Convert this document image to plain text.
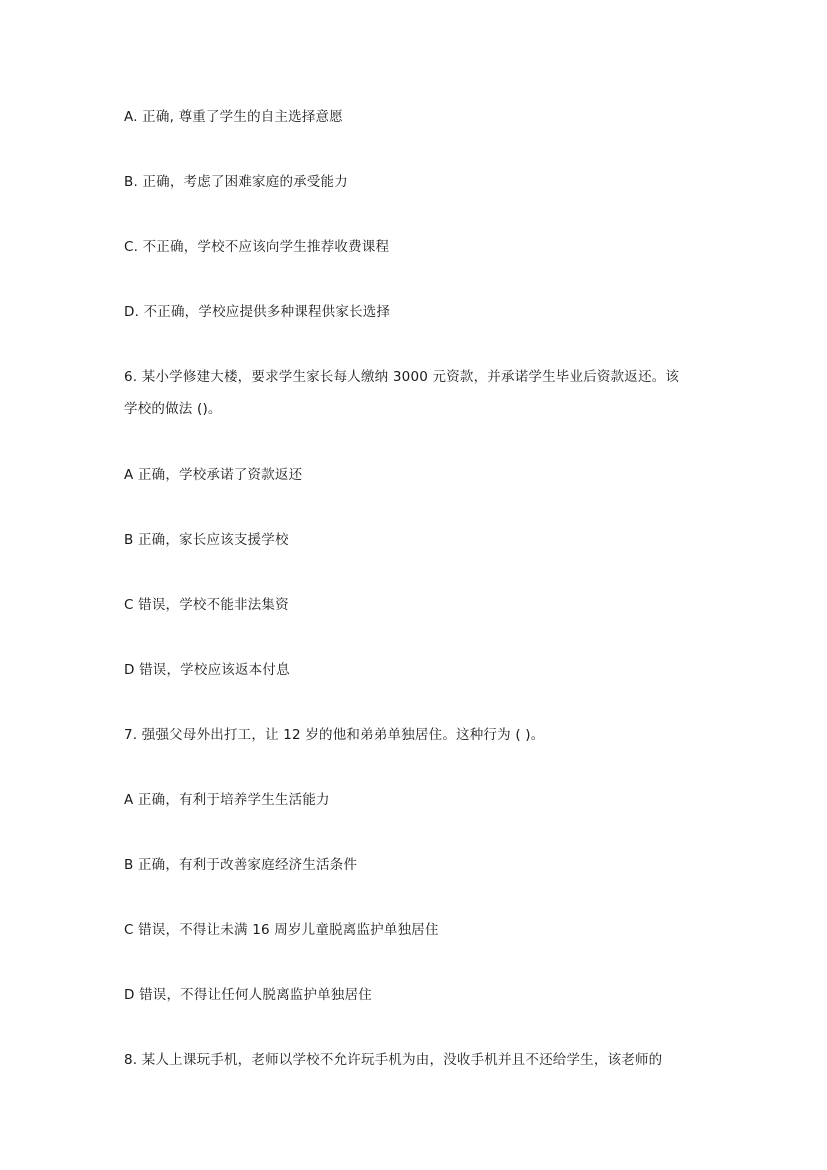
A. 正确, 尊重了学生的自主选择意愿
B. 正确，考虑了困难家庭的承受能力
C. 不正确，学校不应该向学生推荐收费课程
D. 不正确，学校应提供多种课程供家长选择
6. 某小学修建大楼，要求学生家长每人缴纳 3000 元资款，并承诺学生毕业后资款返还。该
学校的做法 ()。
A 正确，学校承诺了资款返还
B 正确，家长应该支援学校
C 错误，学校不能非法集资
D 错误，学校应该返本付息
7. 强强父母外出打工，让 12 岁的他和弟弟单独居住。这种行为 ( )。
A 正确，有利于培养学生生活能力
B 正确，有利于改善家庭经济生活条件
C 错误，不得让未满 16 周岁儿童脱离监护单独居住
D 错误，不得让任何人脱离监护单独居住
8. 某人上课玩手机，老师以学校不允许玩手机为由，没收手机并且不还给学生，该老师的
